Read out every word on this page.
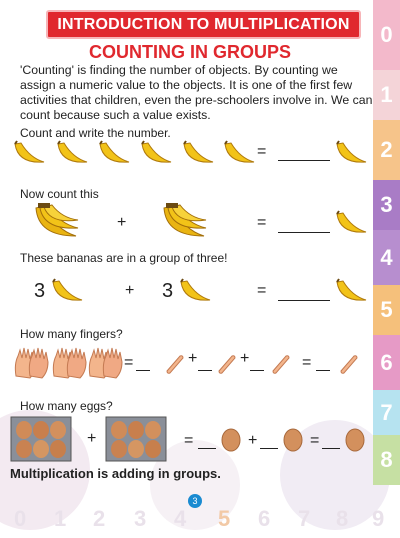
0
1
2
3
4
5
6
7
8
0 1 2 3 4 5 6 7 8 9
INTRODUCTION TO MULTIPLICATION
COUNTING IN GROUPS
'Counting' is finding the number of objects. By counting we assign a numeric value to the objects. It is one of the first few activities that children, even the pre-schoolers involve in. We can count because such a value exists.
Count and write the number.
=
Now count this
+	=
These bananas are in a group of three!
3	+ 3	=
How many fingers?
=	+	+	=
How many eggs?
+	=	+	=
Multiplication is adding in groups.
3
